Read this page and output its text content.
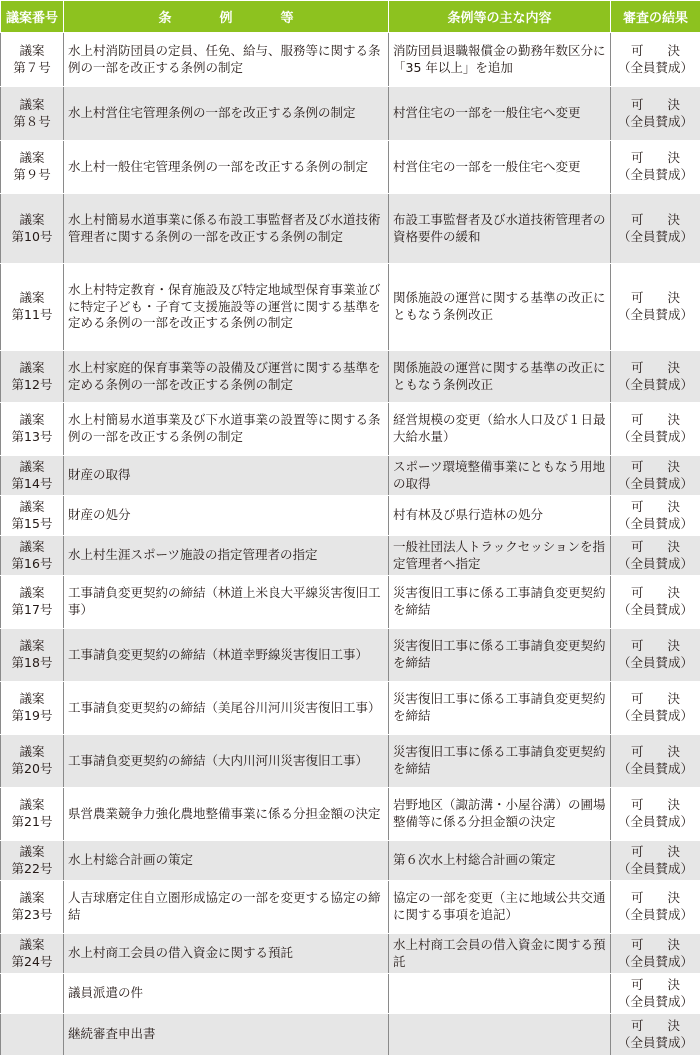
議案番号	条例等	条例等の主な内容	審査の結果

議案
第７号	水上村消防団員の定員、任免、給与、服務等に関する条例の一部を改正する条例の制定	消防団員退職報償金の勤務年数区分に「35 年以上」を追加	可 決
（全員賛成）

議案
第８号	水上村営住宅管理条例の一部を改正する条例の制定	村営住宅の一部を一般住宅へ変更	可 決
（全員賛成）

議案
第９号	水上村一般住宅管理条例の一部を改正する条例の制定	村営住宅の一部を一般住宅へ変更	可 決
（全員賛成）

議案
第10号	水上村簡易水道事業に係る布設工事監督者及び水道技術管理者に関する条例の一部を改正する条例の制定	布設工事監督者及び水道技術管理者の資格要件の緩和	可 決
（全員賛成）

議案
第11号	水上村特定教育・保育施設及び特定地域型保育事業並びに特定子ども・子育て支援施設等の運営に関する基準を定める条例の一部を改正する条例の制定	関係施設の運営に関する基準の改正にともなう条例改正	可 決
（全員賛成）

議案
第12号	水上村家庭的保育事業等の設備及び運営に関する基準を定める条例の一部を改正する条例の制定	関係施設の運営に関する基準の改正にともなう条例改正	可 決
（全員賛成）

議案
第13号	水上村簡易水道事業及び下水道事業の設置等に関する条例の一部を改正する条例の制定	経営規模の変更（給水人口及び１日最大給水量）	可 決
（全員賛成）

議案
第14号	財産の取得	スポーツ環境整備事業にともなう用地の取得	可 決
（全員賛成）

議案
第15号	財産の処分	村有林及び県行造林の処分	可 決
（全員賛成）

議案
第16号	水上村生涯スポーツ施設の指定管理者の指定	一般社団法人トラックセッションを指定管理者へ指定	可 決
（全員賛成）

議案
第17号	工事請負変更契約の締結（林道上米良大平線災害復旧工事）	災害復旧工事に係る工事請負変更契約を締結	可 決
（全員賛成）

議案
第18号	工事請負変更契約の締結（林道幸野線災害復旧工事）	災害復旧工事に係る工事請負変更契約を締結	可 決
（全員賛成）

議案
第19号	工事請負変更契約の締結（美尾谷川河川災害復旧工事）	災害復旧工事に係る工事請負変更契約を締結	可 決
（全員賛成）

議案
第20号	工事請負変更契約の締結（大内川河川災害復旧工事）	災害復旧工事に係る工事請負変更契約を締結	可 決
（全員賛成）

議案
第21号	県営農業競争力強化農地整備事業に係る分担金額の決定	岩野地区（諏訪溝・小屋谷溝）の圃場整備等に係る分担金額の決定	可 決
（全員賛成）

議案
第22号	水上村総合計画の策定	第６次水上村総合計画の策定	可 決
（全員賛成）

議案
第23号	人吉球磨定住自立圏形成協定の一部を変更する協定の締結	協定の一部を変更（主に地域公共交通に関する事項を追記）	可 決
（全員賛成）

議案
第24号	水上村商工会員の借入資金に関する預託	水上村商工会員の借入資金に関する預託	可 決
（全員賛成）

	議員派遣の件		可 決
（全員賛成）

	継続審査申出書		可 決
（全員賛成）
